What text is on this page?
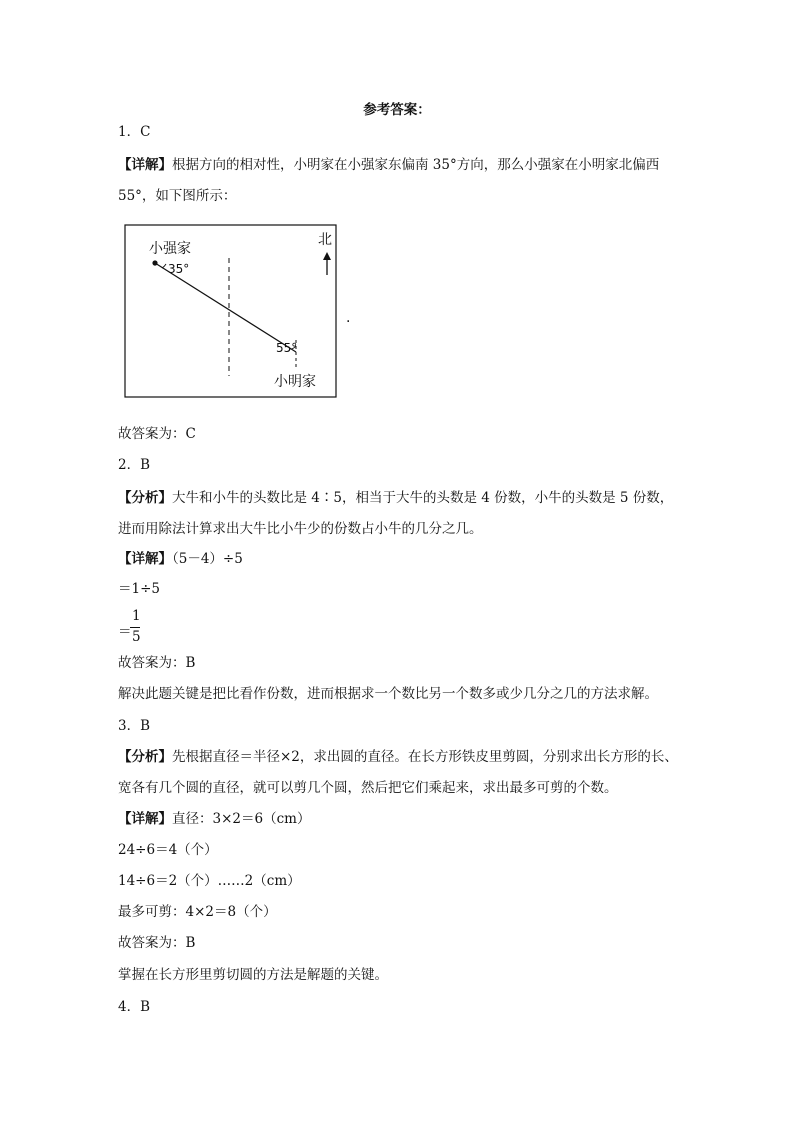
参考答案：
1．C
【详解】根据方向的相对性，小明家在小强家东偏南 35°方向，那么小强家在小明家北偏西
55°，如下图所示：
小强家
35°
北
55°
小明家
.
故答案为：C
2．B
【分析】大牛和小牛的头数比是 4∶5，相当于大牛的头数是 4 份数，小牛的头数是 5 份数，
进而用除法计算求出大牛比小牛少的份数占小牛的几分之几。
【详解】（5－4）÷5
＝1÷5
＝
1
5
故答案为：B
解决此题关键是把比看作份数，进而根据求一个数比另一个数多或少几分之几的方法求解。
3．B
【分析】先根据直径＝半径×2，求出圆的直径。在长方形铁皮里剪圆，分别求出长方形的长、
宽各有几个圆的直径，就可以剪几个圆，然后把它们乘起来，求出最多可剪的个数。
【详解】直径：3×2＝6（cm）
24÷6＝4（个）
14÷6＝2（个）……2（cm）
最多可剪：4×2＝8（个）
故答案为：B
掌握在长方形里剪切圆的方法是解题的关键。
4．B
